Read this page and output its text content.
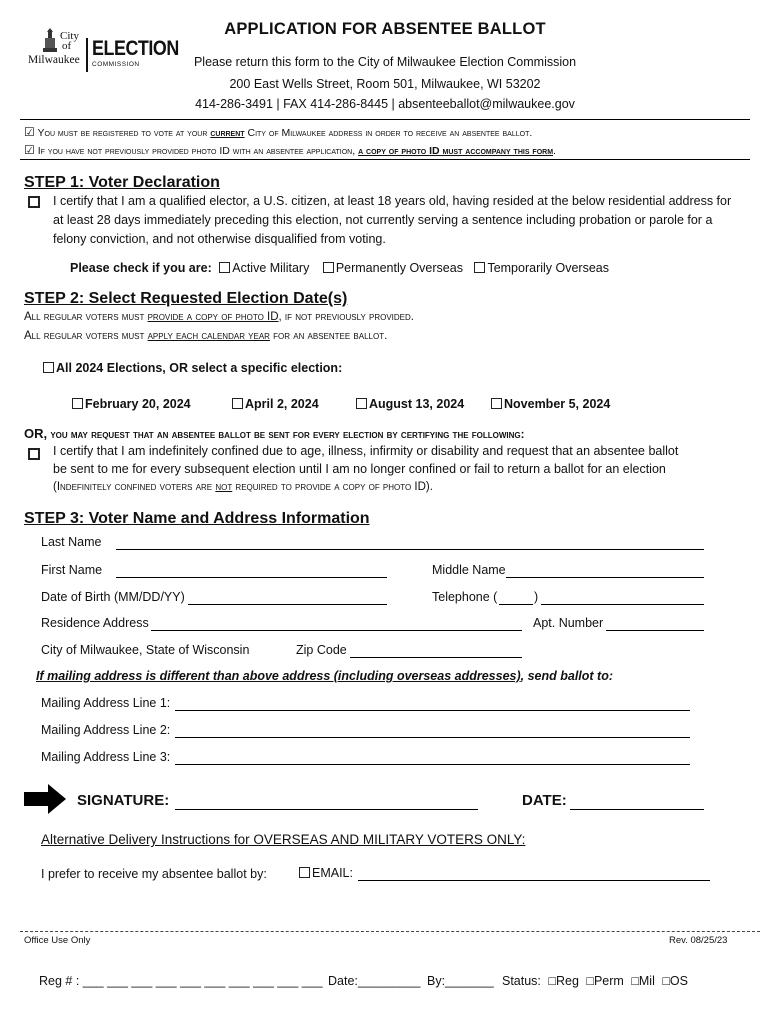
City
of
Milwaukee ELECTION
COMMISSION
APPLICATION FOR ABSENTEE BALLOT
Please return this form to the City of Milwaukee Election Commission
200 East Wells Street, Room 501, Milwaukee, WI 53202
414-286-3491 | FAX 414-286-8445 | absenteeballot@milwaukee.gov
☑ You must be registered to vote at your current City of Milwaukee address in order to receive an absentee ballot.
☑ If you have not previously provided photo ID with an absentee application, a copy of photo ID must accompany this form.
STEP 1: Voter Declaration
I certify that I am a qualified elector, a U.S. citizen, at least 18 years old, having resided at the below residential address for
at least 28 days immediately preceding this election, not currently serving a sentence including probation or parole for a
felony conviction, and not otherwise disqualified from voting.
Please check if you are: Active Military Permanently Overseas Temporarily Overseas
STEP 2: Select Requested Election Date(s)
All regular voters must provide a copy of photo ID, if not previously provided.
All regular voters must apply each calendar year for an absentee ballot.
All 2024 Elections, OR select a specific election:
February 20, 2024	April 2, 2024	August 13, 2024	November 5, 2024
OR, you may request that an absentee ballot be sent for every election by certifying the following:
I certify that I am indefinitely confined due to age, illness, infirmity or disability and request that an absentee ballot
be sent to me for every subsequent election until I am no longer confined or fail to return a ballot for an election
(Indefinitely confined voters are not required to provide a copy of photo ID).
STEP 3: Voter Name and Address Information
Last Name
First Name	Middle Name
Date of Birth (MM/DD/YY)	Telephone (	)
Residence Address	Apt. Number
City of Milwaukee, State of Wisconsin	Zip Code
If mailing address is different than above address (including overseas addresses), send ballot to:
Mailing Address Line 1:
Mailing Address Line 2:
Mailing Address Line 3:
SIGNATURE:	DATE:
Alternative Delivery Instructions for OVERSEAS AND MILITARY VOTERS ONLY:
I prefer to receive my absentee ballot by:	EMAIL:
Office Use Only	Rev. 08/25/23
Reg # : ___ ___ ___ ___ ___ ___ ___ ___ ___ ___ Date:_________ By:_______ Status: □Reg □Perm □Mil □OS
